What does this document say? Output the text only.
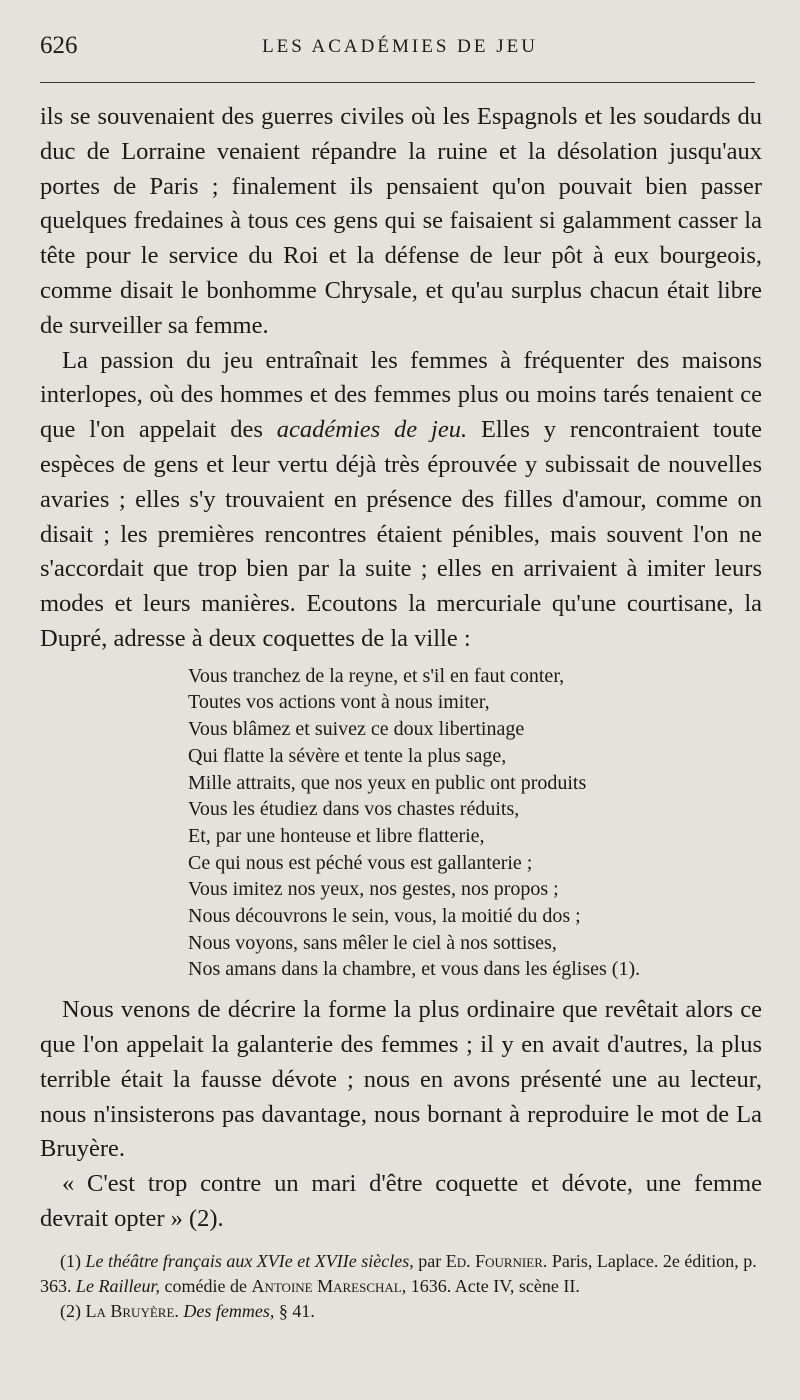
626	LES ACADÉMIES DE JEU

ils se souvenaient des guerres civiles où les Espagnols et les soudards du duc de Lorraine venaient répandre la ruine et la désolation jusqu'aux portes de Paris ; finalement ils pensaient qu'on pouvait bien passer quelques fredaines à tous ces gens qui se faisaient si galamment casser la tête pour le service du Roi et la défense de leur pôt à eux bourgeois, comme disait le bonhomme Chrysale, et qu'au surplus chacun était libre de surveiller sa femme.

La passion du jeu entraînait les femmes à fréquenter des maisons interlopes, où des hommes et des femmes plus ou moins tarés tenaient ce que l'on appelait des académies de jeu. Elles y rencontraient toute espèces de gens et leur vertu déjà très éprouvée y subissait de nouvelles avaries ; elles s'y trouvaient en présence des filles d'amour, comme on disait ; les premières rencontres étaient pénibles, mais souvent l'on ne s'accordait que trop bien par la suite ; elles en arrivaient à imiter leurs modes et leurs manières. Ecoutons la mercuriale qu'une courtisane, la Dupré, adresse à deux coquettes de la ville :

Vous tranchez de la reyne, et s'il en faut conter,
Toutes vos actions vont à nous imiter,
Vous blâmez et suivez ce doux libertinage
Qui flatte la sévère et tente la plus sage,
Mille attraits, que nos yeux en public ont produits
Vous les étudiez dans vos chastes réduits,
Et, par une honteuse et libre flatterie,
Ce qui nous est péché vous est gallanterie ;
Vous imitez nos yeux, nos gestes, nos propos ;
Nous découvrons le sein, vous, la moitié du dos ;
Nous voyons, sans mêler le ciel à nos sottises,
Nos amans dans la chambre, et vous dans les églises (1).

Nous venons de décrire la forme la plus ordinaire que revêtait alors ce que l'on appelait la galanterie des femmes ; il y en avait d'autres, la plus terrible était la fausse dévote ; nous en avons présenté une au lecteur, nous n'insisterons pas davantage, nous bornant à reproduire le mot de La Bruyère.

« C'est trop contre un mari d'être coquette et dévote, une femme devrait opter » (2).

(1) Le théâtre français aux XVIe et XVIIe siècles, par Ed. Fournier. Paris, Laplace. 2e édition, p. 363. Le Railleur, comédie de Antoine Mareschal, 1636. Acte IV, scène II.
(2) La Bruyère. Des femmes, § 41.
